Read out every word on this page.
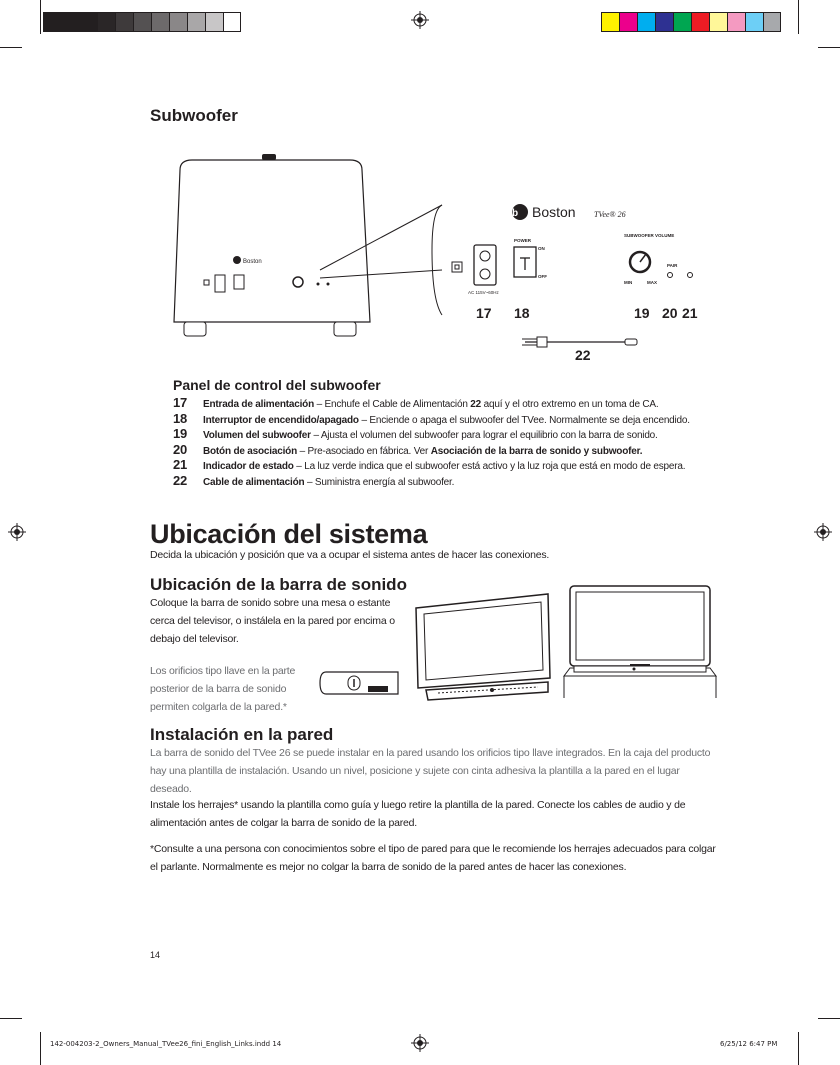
Subwoofer
Boston
b Boston TVee® 26
AC 115V~60Hz
POWER
ON
OFF
SUBWOOFER VOLUME
MIN	MAX
PAIR
17 18	19 20 21
22
Panel de control del subwoofer
17 Entrada de alimentación – Enchufe el Cable de Alimentación 22 aquí y el otro extremo en un toma de CA.
18 Interruptor de encendido/apagado – Enciende o apaga el subwoofer del TVee. Normalmente se deja encendido.
19 Volumen del subwoofer – Ajusta el volumen del subwoofer para lograr el equilibrio con la barra de sonido.
20 Botón de asociación – Pre-asociado en fábrica. Ver Asociación de la barra de sonido y subwoofer.
21 Indicador de estado – La luz verde indica que el subwoofer está activo y la luz roja que está en modo de espera.
22 Cable de alimentación – Suministra energía al subwoofer.
Ubicación del sistema

Decida la ubicación y posición que va a ocupar el sistema antes de hacer las conexiones.

Ubicación de la barra de sonido

Coloque la barra de sonido sobre una mesa o estante cerca del televisor, o instálela en la pared por encima o debajo del televisor.

Los orificios tipo llave en la parte posterior de la barra de sonido permiten colgarla de la pared.*

Instalación en la pared

La barra de sonido del TVee 26 se puede instalar en la pared usando los orificios tipo llave integrados. En la caja del producto hay una plantilla de instalación. Usando un nivel, posicione y sujete con cinta adhesiva la plantilla a la pared en el lugar deseado.

Instale los herrajes* usando la plantilla como guía y luego retire la plantilla de la pared. Conecte los cables de audio y de alimentación antes de colgar la barra de sonido de la pared.

*Consulte a una persona con conocimientos sobre el tipo de pared para que le recomiende los herrajes adecuados para colgar el parlante. Normalmente es mejor no colgar la barra de sonido de la pared antes de hacer las conexiones.

14
142-004203-2_Owners_Manual_TVee26_fini_English_Links.indd 14	6/25/12 6:47 PM
